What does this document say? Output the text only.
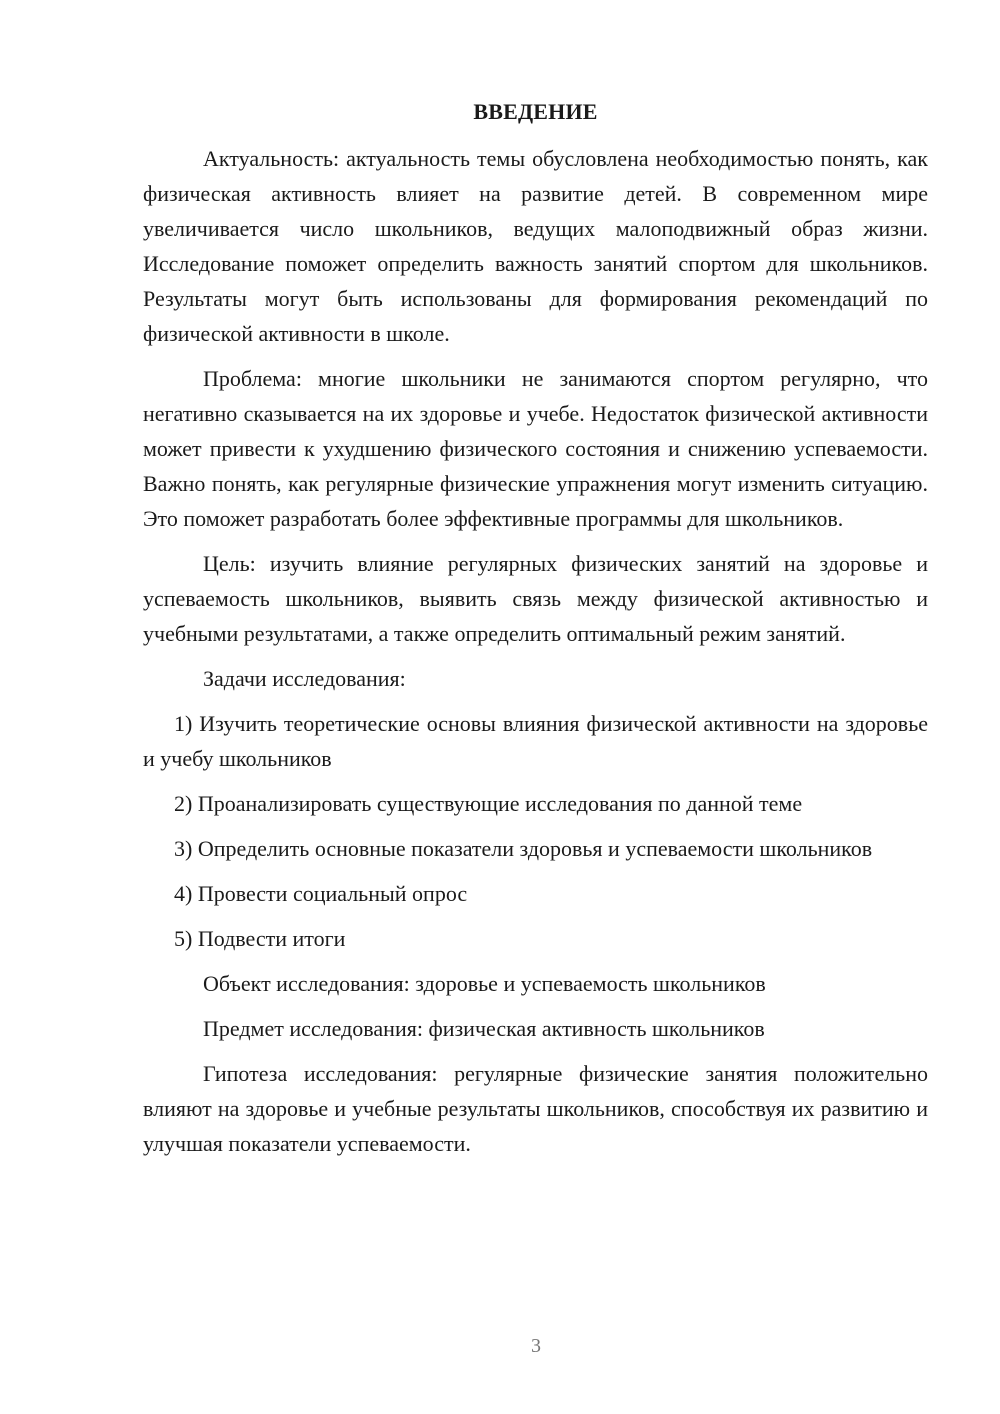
ВВЕДЕНИЕ

Актуальность: актуальность темы обусловлена необходимостью понять, как физическая активность влияет на развитие детей. В современном мире увеличивается число школьников, ведущих малоподвижный образ жизни. Исследование поможет определить важность занятий спортом для школьников. Результаты могут быть использованы для формирования рекомендаций по физической активности в школе.

Проблема: многие школьники не занимаются спортом регулярно, что негативно сказывается на их здоровье и учебе. Недостаток физической активности может привести к ухудшению физического состояния и снижению успеваемости. Важно понять, как регулярные физические упражнения могут изменить ситуацию. Это поможет разработать более эффективные программы для школьников.

Цель: изучить влияние регулярных физических занятий на здоровье и успеваемость школьников, выявить связь между физической активностью и учебными результатами, а также определить оптимальный режим занятий.

Задачи исследования:

1) Изучить теоретические основы влияния физической активности на здоровье и учебу школьников

2) Проанализировать существующие исследования по данной теме

3) Определить основные показатели здоровья и успеваемости школьников

4) Провести социальный опрос

5) Подвести итоги

Объект исследования: здоровье и успеваемость школьников

Предмет исследования: физическая активность школьников

Гипотеза исследования: регулярные физические занятия положительно влияют на здоровье и учебные результаты школьников, способствуя их развитию и улучшая показатели успеваемости.

3
